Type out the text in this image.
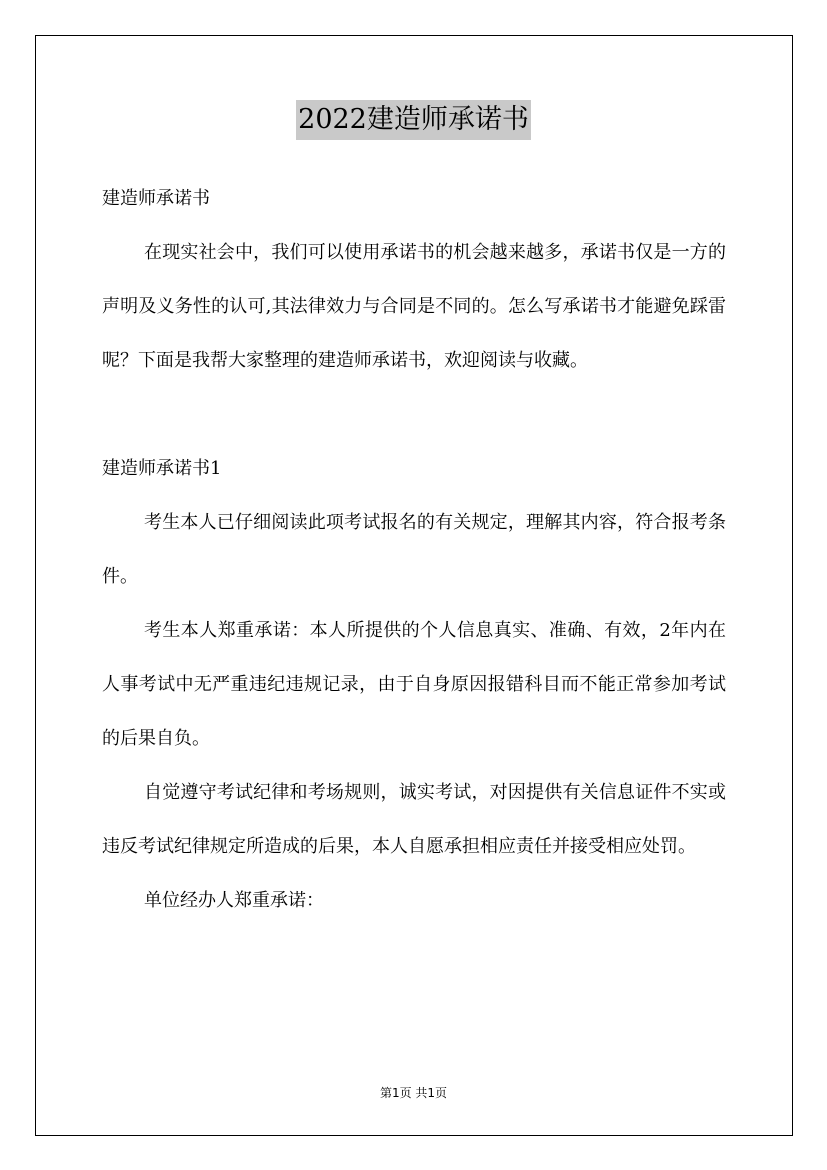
2022建造师承诺书

建造师承诺书

在现实社会中，我们可以使用承诺书的机会越来越多，承诺书仅是一方的声明及义务性的认可,其法律效力与合同是不同的。怎么写承诺书才能避免踩雷呢？下面是我帮大家整理的建造师承诺书，欢迎阅读与收藏。

建造师承诺书1

考生本人已仔细阅读此项考试报名的有关规定，理解其内容，符合报考条件。

考生本人郑重承诺：本人所提供的个人信息真实、准确、有效，2年内在人事考试中无严重违纪违规记录，由于自身原因报错科目而不能正常参加考试的后果自负。

自觉遵守考试纪律和考场规则，诚实考试，对因提供有关信息证件不实或违反考试纪律规定所造成的后果，本人自愿承担相应责任并接受相应处罚。

单位经办人郑重承诺：

第1页 共1页
